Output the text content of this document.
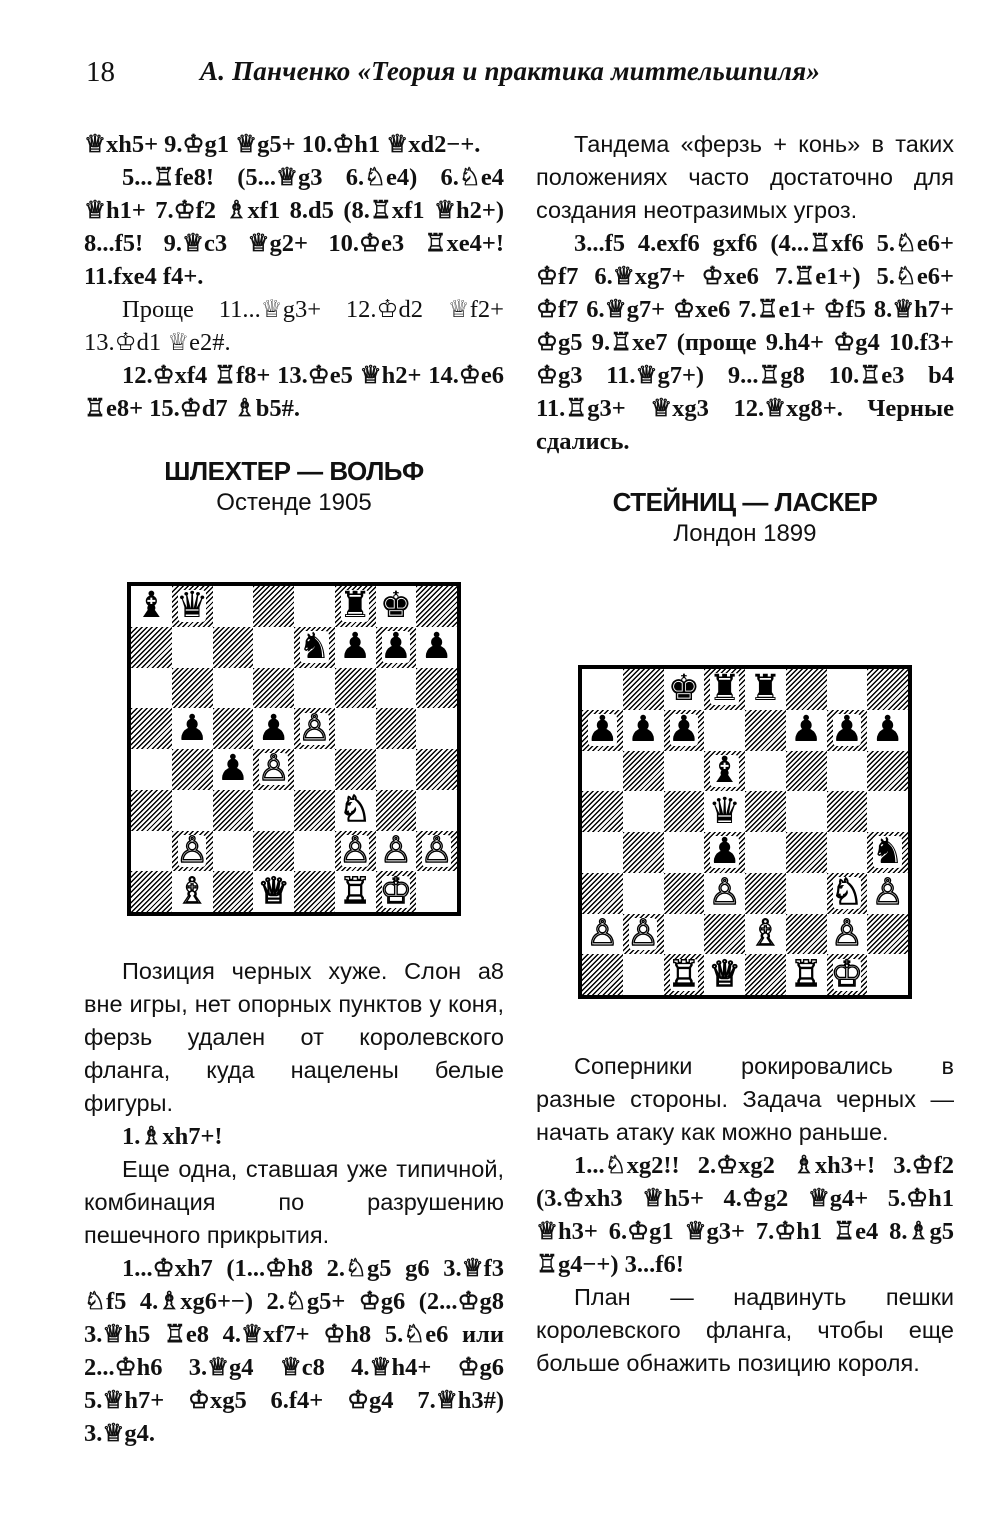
18	А. Панченко «Теория и практика миттельшпиля»

♕xh5+ 9.♔g1 ♕g5+ 10.♔h1 ♕xd2−+.

5...♖fe8! (5...♕g3 6.♘e4) 6.♘e4 ♕h1+ 7.♔f2 ♗xf1 8.d5 (8.♖xf1 ♕h2+) 8...f5! 9.♕c3 ♕g2+ 10.♔e3 ♖xe4+! 11.fxe4 f4+.

Проще 11...♕g3+ 12.♔d2 ♕f2+ 13.♔d1 ♕e2#.

12.♔xf4 ♖f8+ 13.♔e5 ♕h2+ 14.♔e6 ♖e8+ 15.♔d7 ♗b5#.

ШЛЕХТЕР — ВОЛЬФ

Остенде 1905

♝ ♛	♜ ♚
♞ ♟ ♟ ♟
♟ ♟ ♙
♟ ♙
♘
♙	♙ ♙ ♙
♗ ♕ ♖ ♔

Позиция черных хуже. Слон а8 вне игры, нет опорных пунктов у коня, ферзь удален от королевского фланга, куда нацелены белые фигуры.

1.♗xh7+!

Еще одна, ставшая уже типичной, комбинация по разрушению пешечного прикрытия.

1...♔xh7 (1...♔h8 2.♘g5 g6 3.♕f3 ♘f5 4.♗xg6+−) 2.♘g5+ ♔g6 (2...♔g8 3.♕h5 ♖e8 4.♕xf7+ ♔h8 5.♘e6 или 2...♔h6 3.♕g4 ♕c8 4.♕h4+ ♔g6 5.♕h7+ ♔xg5 6.f4+ ♔g4 7.♕h3#) 3.♕g4.

Тандема «ферзь + конь» в таких положениях часто достаточно для создания неотразимых угроз.

3...f5 4.exf6 gxf6 (4...♖xf6 5.♘e6+ ♔f7 6.♕xg7+ ♔xe6 7.♖e1+) 5.♘e6+ ♔f7 6.♕g7+ ♔xe6 7.♖e1+ ♔f5 8.♕h7+ ♔g5 9.♖xe7 (проще 9.h4+ ♔g4 10.f3+ ♔g3 11.♕g7+) 9...♖g8 10.♖e3 b4 11.♖g3+ ♕xg3 12.♕xg8+. Черные сдались.

СТЕЙНИЦ — ЛАСКЕР

Лондон 1899

♚ ♜ ♜
♟ ♟ ♟ ♟ ♟ ♟
♝
♛
♟	♞
♙ ♘ ♙
♙ ♙ ♗ ♙
♖ ♕ ♖ ♔

Соперники рокировались в разные стороны. Задача черных — начать атаку как можно раньше.

1...♘xg2!! 2.♔xg2 ♗xh3+! 3.♔f2 (3.♔xh3 ♕h5+ 4.♔g2 ♕g4+ 5.♔h1 ♕h3+ 6.♔g1 ♕g3+ 7.♔h1 ♖e4 8.♗g5 ♖g4−+) 3...f6!

План — надвинуть пешки королевского фланга, чтобы еще больше обнажить позицию короля.
